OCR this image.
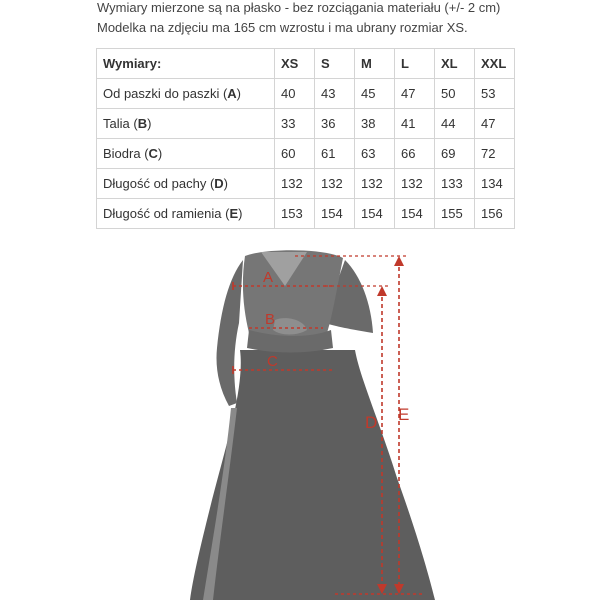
Wymiary mierzone są na płasko - bez rozciągania materiału (+/- 2 cm)
Modelka na zdjęciu ma 165 cm wzrostu i ma ubrany rozmiar XS.
Wymiary:	XS	S	M	L	XL	XXL
Od paszki do paszki (A)	40	43	45	47	50	53
Talia (B)	33	36	38	41	44	47
Biodra (C)	60	61	63	66	69	72
Długość od pachy (D)	132	132	132	132	133	134
Długość od ramienia (E)	153	154	154	154	155	156
A
B
C
D E
